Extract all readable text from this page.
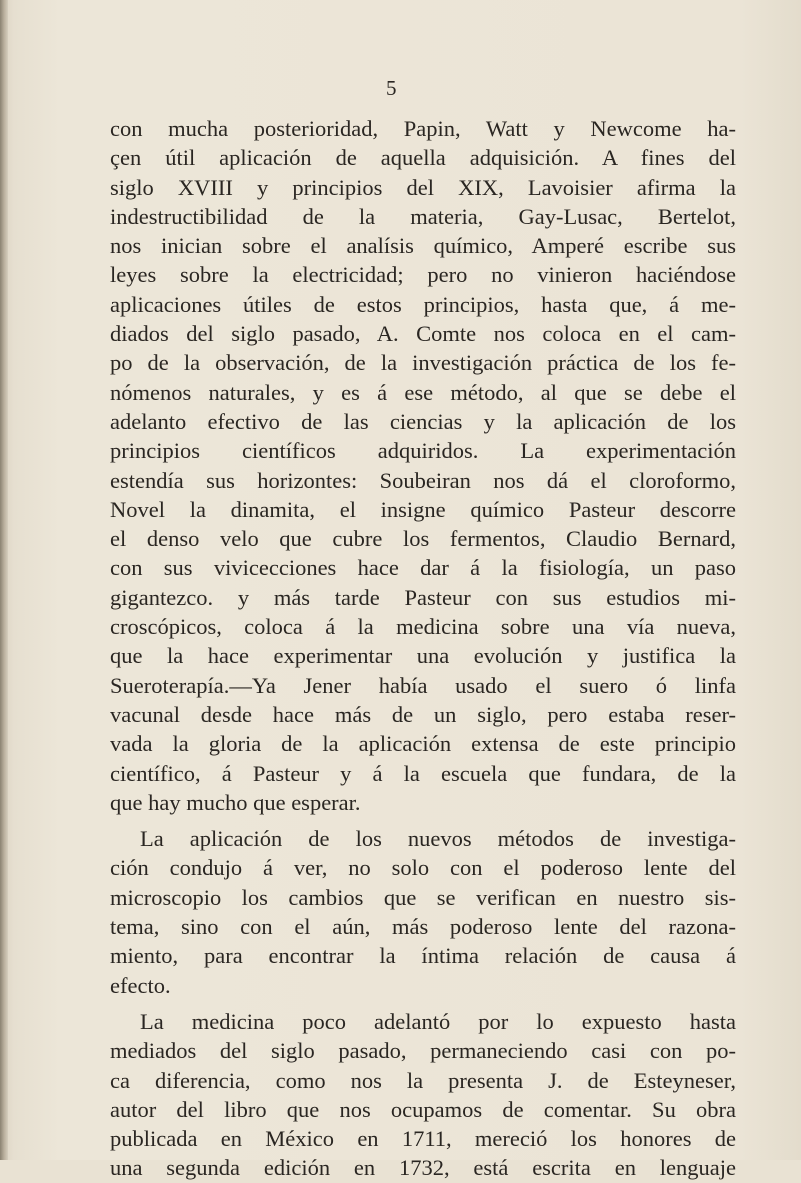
5
con mucha posterioridad, Papin, Watt y Newcome ha-
çen útil aplicación de aquella adquisición. A fines del
siglo XVIII y principios del XIX, Lavoisier afirma la
indestructibilidad de la materia, Gay-Lusac, Bertelot,
nos inician sobre el analísis químico, Amperé escribe sus
leyes sobre la electricidad; pero no vinieron haciéndose
aplicaciones útiles de estos principios, hasta que, á me-
diados del siglo pasado, A. Comte nos coloca en el cam-
po de la observación, de la investigación práctica de los fe-
nómenos naturales, y es á ese método, al que se debe el
adelanto efectivo de las ciencias y la aplicación de los
principios científicos adquiridos. La experimentación
estendía sus horizontes: Soubeiran nos dá el cloroformo,
Novel la dinamita, el insigne químico Pasteur descorre
el denso velo que cubre los fermentos, Claudio Bernard,
con sus vivicecciones hace dar á la fisiología, un paso
gigantezco. y más tarde Pasteur con sus estudios mi-
croscópicos, coloca á la medicina sobre una vía nueva,
que la hace experimentar una evolución y justifica la
Sueroterapía.—Ya Jener había usado el suero ó linfa
vacunal desde hace más de un siglo, pero estaba reser-
vada la gloria de la aplicación extensa de este principio
científico, á Pasteur y á la escuela que fundara, de la
que hay mucho que esperar.
La aplicación de los nuevos métodos de investiga-
ción condujo á ver, no solo con el poderoso lente del
microscopio los cambios que se verifican en nuestro sis-
tema, sino con el aún, más poderoso lente del razona-
miento, para encontrar la íntima relación de causa á
efecto.
La medicina poco adelantó por lo expuesto hasta
mediados del siglo pasado, permaneciendo casi con po-
ca diferencia, como nos la presenta J. de Esteyneser,
autor del libro que nos ocupamos de comentar. Su obra
publicada en México en 1711, mereció los honores de
una segunda edición en 1732, está escrita en lenguaje
